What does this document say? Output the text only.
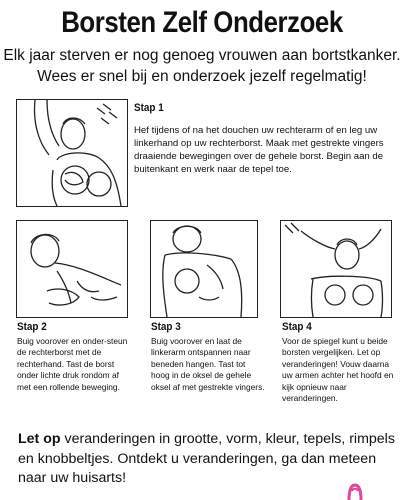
Borsten Zelf Onderzoek
Elk jaar sterven er nog genoeg vrouwen aan bortstkanker.
Wees er snel bij en onderzoek jezelf regelmatig!
Stap 1
Hef tijdens of na het douchen uw rechterarm of en leg uw linkerhand op uw rechterborst. Maak met gestrekte vingers draaiende bewegingen over de gehele borst. Begin aan de buitenkant en werk naar de tepel toe.
Stap 2
Buig voorover en onder-steun de rechterborst met de rechterhand. Tast de borst onder lichte druk rondom af met een rollende beweging.
Stap 3
Buig voorover en laat de linkerarm ontspannen naar beneden hangen. Tast tot hoog in de oksel de gehele oksel af met gestrekte vingers.
Stap 4
Voor de spiegel kunt u beide borsten vergelijken. Let op veranderingen! Vouw daarna uw armen achter het hoofd en kijk opnieuw naar veranderingen.
Let op veranderingen in grootte, vorm, kleur, tepels, rimpels en knobbeltjes. Ontdekt u veranderingen, ga dan meteen naar uw huisarts!
